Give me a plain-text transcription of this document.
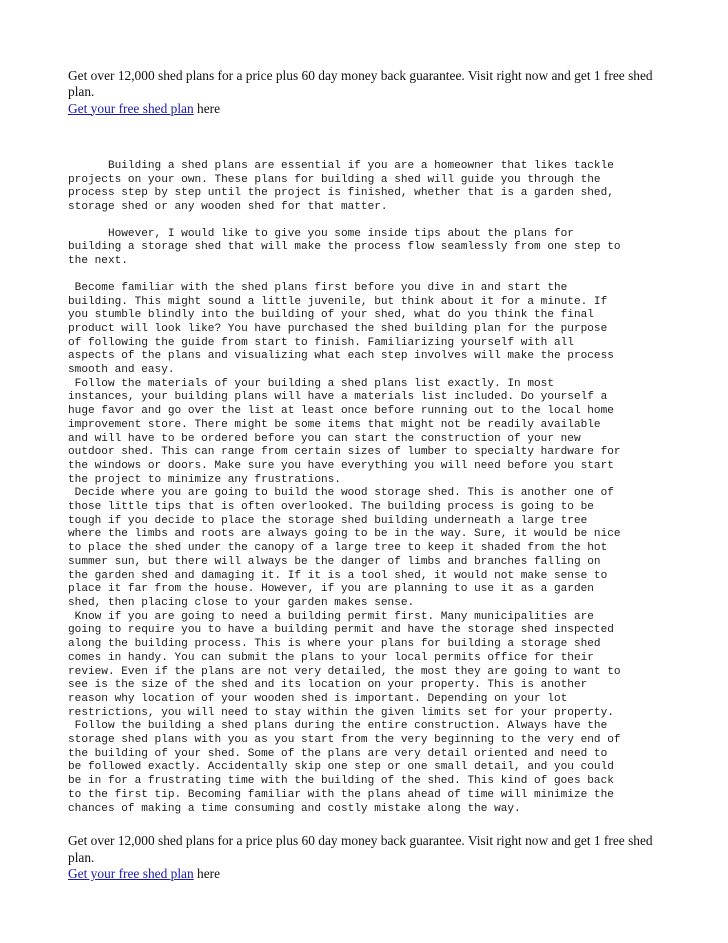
Get over 12,000 shed plans for a price plus 60 day money back guarantee. Visit right now and get 1 free shed plan.
Get your free shed plan here

Building a shed plans are essential if you are a homeowner that likes tackle
projects on your own. These plans for building a shed will guide you through the
process step by step until the project is finished, whether that is a garden shed,
storage shed or any wooden shed for that matter.

However, I would like to give you some inside tips about the plans for
building a storage shed that will make the process flow seamlessly from one step to
the next.

Become familiar with the shed plans first before you dive in and start the
building. This might sound a little juvenile, but think about it for a minute. If
you stumble blindly into the building of your shed, what do you think the final
product will look like? You have purchased the shed building plan for the purpose
of following the guide from start to finish. Familiarizing yourself with all
aspects of the plans and visualizing what each step involves will make the process
smooth and easy.
Follow the materials of your building a shed plans list exactly. In most
instances, your building plans will have a materials list included. Do yourself a
huge favor and go over the list at least once before running out to the local home
improvement store. There might be some items that might not be readily available
and will have to be ordered before you can start the construction of your new
outdoor shed. This can range from certain sizes of lumber to specialty hardware for
the windows or doors. Make sure you have everything you will need before you start
the project to minimize any frustrations.
Decide where you are going to build the wood storage shed. This is another one of
those little tips that is often overlooked. The building process is going to be
tough if you decide to place the storage shed building underneath a large tree
where the limbs and roots are always going to be in the way. Sure, it would be nice
to place the shed under the canopy of a large tree to keep it shaded from the hot
summer sun, but there will always be the danger of limbs and branches falling on
the garden shed and damaging it. If it is a tool shed, it would not make sense to
place it far from the house. However, if you are planning to use it as a garden
shed, then placing close to your garden makes sense.
Know if you are going to need a building permit first. Many municipalities are
going to require you to have a building permit and have the storage shed inspected
along the building process. This is where your plans for building a storage shed
comes in handy. You can submit the plans to your local permits office for their
review. Even if the plans are not very detailed, the most they are going to want to
see is the size of the shed and its location on your property. This is another
reason why location of your wooden shed is important. Depending on your lot
restrictions, you will need to stay within the given limits set for your property.
Follow the building a shed plans during the entire construction. Always have the
storage shed plans with you as you start from the very beginning to the very end of
the building of your shed. Some of the plans are very detail oriented and need to
be followed exactly. Accidentally skip one step or one small detail, and you could
be in for a frustrating time with the building of the shed. This kind of goes back
to the first tip. Becoming familiar with the plans ahead of time will minimize the
chances of making a time consuming and costly mistake along the way.

Get over 12,000 shed plans for a price plus 60 day money back guarantee. Visit right now and get 1 free shed plan.
Get your free shed plan here
